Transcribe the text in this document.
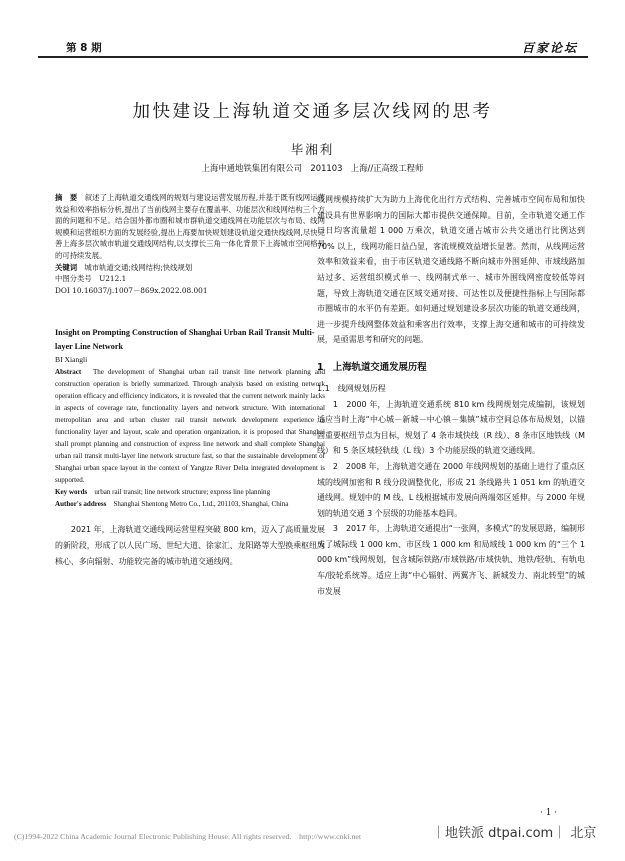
第 8 期	百家论坛
加快建设上海轨道交通多层次线网的思考
毕湘利
上海申通地铁集团有限公司　201103　上海//正高级工程师

摘　要　 叙述了上海轨道交通线网的规划与建设运营发展历程,并基于既有线网运营效益和效率指标分析,提出了当前线网主要存在覆盖率、功能层次和线网结构三个方面的问题和不足。结合国外都市圈和城市群轨道交通线网在功能层次与布局、线网规模和运营组织方面的发展经验,提出上海要加快规划建设轨道交通快线线网,尽快完善上海多层次城市轨道交通线网结构,以支撑长三角一体化背景下上海城市空间格局的可持续发展。

关键词　 城市轨道交通;线网结构;快线规划

中图分类号　U212.1

DOI 10.16037/j.1007－869x.2022.08.001

Insight on Prompting Construction of Shanghai Urban Rail Transit Multi-layer Line Network

BI Xiangli

Abstract　 The development of Shanghai urban rail transit line network planning and construction operation is briefly summarized. Through analysis based on existing network operation efficacy and efficiency indicators, it is revealed that the current network mainly lacks in aspects of coverage rate, functionality layers and network structure. With international metropolitan area and urban cluster rail transit network development experience in functionality layer and layout, scale and operation organization, it is proposed that Shanghai shall prompt planning and construction of express line network and shall complete Shanghai urban rail transit multi-layer line network structure fast, so that the sustainable development of Shanghai urban space layout in the context of Yangtze River Delta integrated development is supported.

Key words　 urban rail transit; line network structure; express line planning

Author's address　 Shanghai Shentong Metro Co., Ltd., 201103, Shanghai, China

2021 年，上海轨道交通线网运营里程突破 800 km，迈入了高质量发展的新阶段，形成了以人民广场、世纪大道、徐家汇、龙阳路等大型换乘枢纽为核心、多向辐射、功能较完备的城市轨道交通线网。

线网规模持续扩大为助力上海优化出行方式结构、完善城市空间布局和加快建设具有世界影响力的国际大都市提供交通保障。目前，全市轨道交通工作日日均客流量超 1 000 万乘次，轨道交通占城市公共交通出行比例达到 70% 以上，线网功能日益凸显，客流规模效益增长显著。然而，从线网运营效率和效益来看，由于市区轨道交通线路不断向城市外围延伸、市域线路加站过多、运营组织模式单一、线网制式单一、城市外围线网密度较低等问题，导致上海轨道交通在区域交通对接、可达性以及便捷性指标上与国际都市圈城市的水平仍有差距。如何通过规划建设多层次功能的轨道交通线网，进一步提升线网整体效益和乘客出行效率，支撑上海交通和城市的可持续发展，是亟需思考和研究的问题。

1　上海轨道交通发展历程

1.1　线网规划历程

1　2000 年，上海轨道交通系统 810 km 线网规划完成编制，该规划适应当时上海“中心城－新城－中心镇－集镇”城市空间总体布局规划，以锚固重要枢纽节点为目标，规划了 4 条市域快线（R 线）、8 条市区地铁线（M 线）和 5 条区域轻轨线（L 线）3 个功能层级的轨道交通线网。

2　2008 年，上海轨道交通在 2000 年线网规划的基础上进行了重点区域的线网加密和 R 线分段调整优化，形成 21 条线路共 1 051 km 的轨道交通线网。规划中的 M 线、L 线根据城市发展向两端郊区延伸。与 2000 年规划的轨道交通 3 个层级的功能基本趋同。

3　2017 年，上海轨道交通提出“一张网，多模式”的发展思路，编制形成了城际线 1 000 km、市区线 1 000 km 和局域线 1 000 km 的“三个 1 000 km”线网规划，包含城际铁路/市域铁路/市域快轨、地铁/轻轨、有轨电车/胶轮系统等。适应上海“中心辐射、两翼齐飞、新城发力、南北转型”的城市发展

· 1 ·
(C)1994-2022 China Academic Journal Electronic Publishing House. All rights reserved.　http://www.cnki.net	｜地铁派 dtpai.com｜ 北京
